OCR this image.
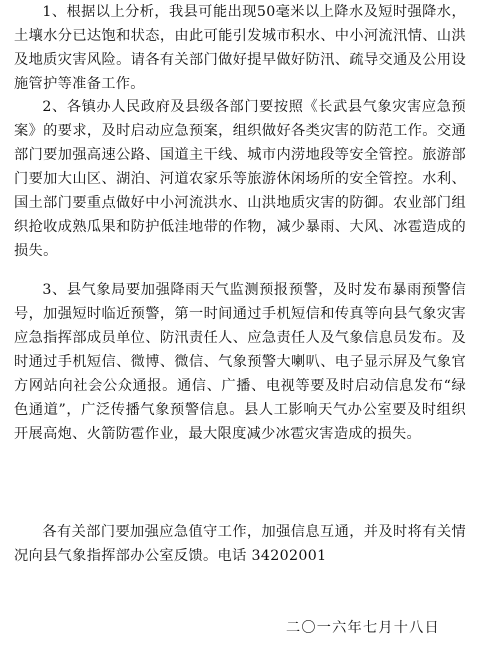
1、根据以上分析，我县可能出现50毫米以上降水及短时强降水，土壤水分已达饱和状态，由此可能引发城市积水、中小河流汛情、山洪及地质灾害风险。请各有关部门做好提早做好防汛、疏导交通及公用设施管护等准备工作。

2、各镇办人民政府及县级各部门要按照《长武县气象灾害应急预案》的要求，及时启动应急预案，组织做好各类灾害的防范工作。交通部门要加强高速公路、国道主干线、城市内涝地段等安全管控。旅游部门要加大山区、湖泊、河道农家乐等旅游休闲场所的安全管控。水利、国土部门要重点做好中小河流洪水、山洪地质灾害的防御。农业部门组织抢收成熟瓜果和防护低洼地带的作物，减少暴雨、大风、冰雹造成的损失。

3、县气象局要加强降雨天气监测预报预警，及时发布暴雨预警信号，加强短时临近预警，第一时间通过手机短信和传真等向县气象灾害应急指挥部成员单位、防汛责任人、应急责任人及气象信息员发布。及时通过手机短信、微博、微信、气象预警大喇叭、电子显示屏及气象官方网站向社会公众通报。通信、广播、电视等要及时启动信息发布“绿色通道”，广泛传播气象预警信息。县人工影响天气办公室要及时组织开展高炮、火箭防雹作业，最大限度减少冰雹灾害造成的损失。

各有关部门要加强应急值守工作，加强信息互通，并及时将有关情况向县气象指挥部办公室反馈。电话 34202001

二〇一六年七月十八日
